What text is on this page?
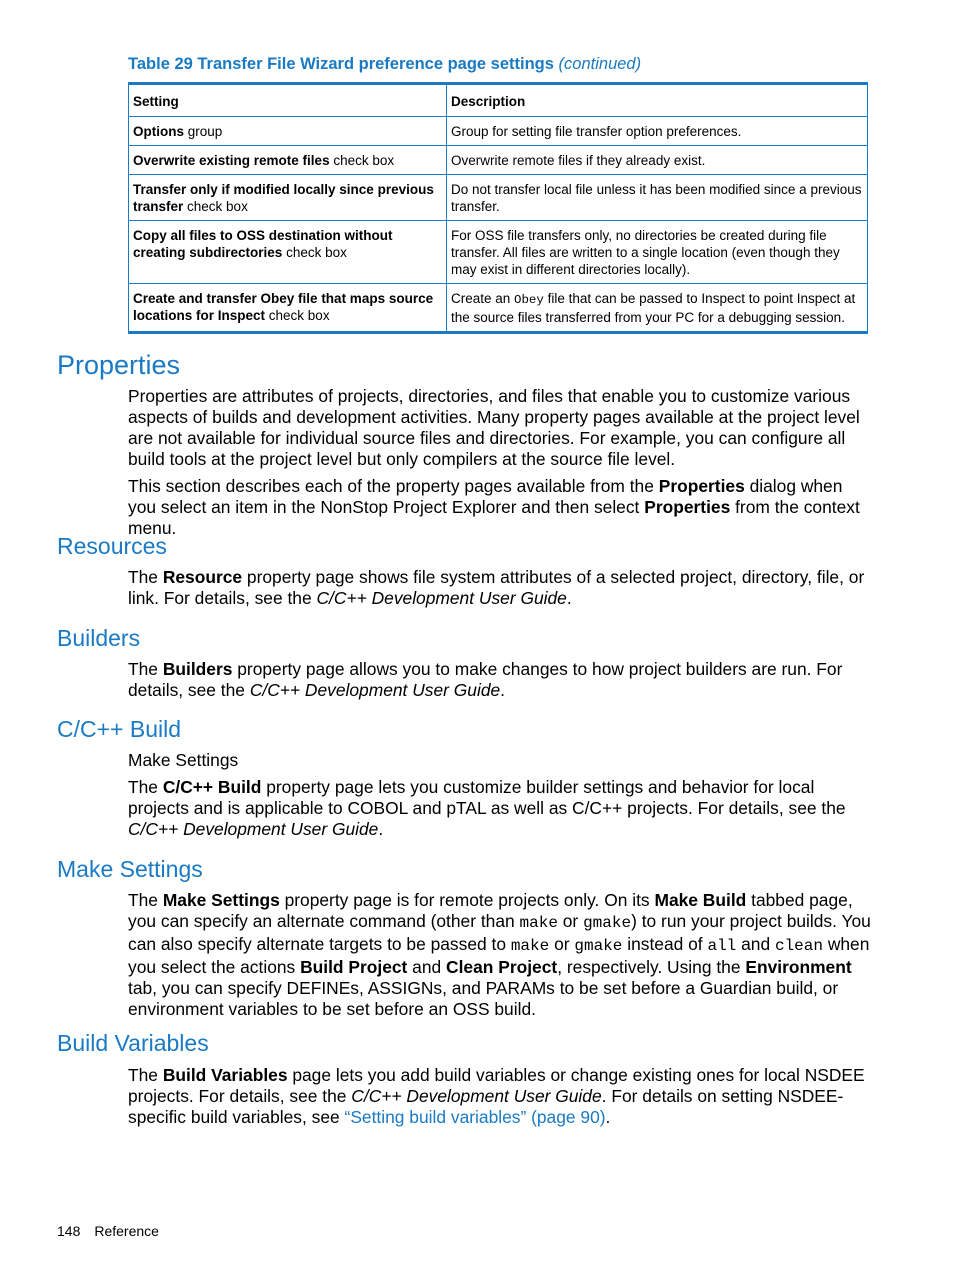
Table 29 Transfer File Wizard preference page settings (continued)
Setting	Description
Options group	Group for setting file transfer option preferences.
Overwrite existing remote files check box	Overwrite remote files if they already exist.
Transfer only if modified locally since previous transfer check box	Do not transfer local file unless it has been modified since a previous transfer.
Copy all files to OSS destination without creating subdirectories check box	For OSS file transfers only, no directories be created during file transfer. All files are written to a single location (even though they may exist in different directories locally).
Create and transfer Obey file that maps source locations for Inspect check box	Create an Obey file that can be passed to Inspect to point Inspect at the source files transferred from your PC for a debugging session.
Properties

Properties are attributes of projects, directories, and files that enable you to customize various aspects of builds and development activities. Many property pages available at the project level are not available for individual source files and directories. For example, you can configure all build tools at the project level but only compilers at the source file level.

This section describes each of the property pages available from the Properties dialog when you select an item in the NonStop Project Explorer and then select Properties from the context menu.

Resources

The Resource property page shows file system attributes of a selected project, directory, file, or link. For details, see the C/C++ Development User Guide.

Builders

The Builders property page allows you to make changes to how project builders are run. For details, see the C/C++ Development User Guide.

C/C++ Build

Make Settings

The C/C++ Build property page lets you customize builder settings and behavior for local projects and is applicable to COBOL and pTAL as well as C/C++ projects. For details, see the C/C++ Development User Guide.

Make Settings

The Make Settings property page is for remote projects only. On its Make Build tabbed page, you can specify an alternate command (other than make or gmake) to run your project builds. You can also specify alternate targets to be passed to make or gmake instead of all and clean when you select the actions Build Project and Clean Project, respectively. Using the Environment tab, you can specify DEFINEs, ASSIGNs, and PARAMs to be set before a Guardian build, or environment variables to be set before an OSS build.

Build Variables

The Build Variables page lets you add build variables or change existing ones for local NSDEE projects. For details, see the C/C++ Development User Guide. For details on setting NSDEE-specific build variables, see “Setting build variables” (page 90).

148 Reference
